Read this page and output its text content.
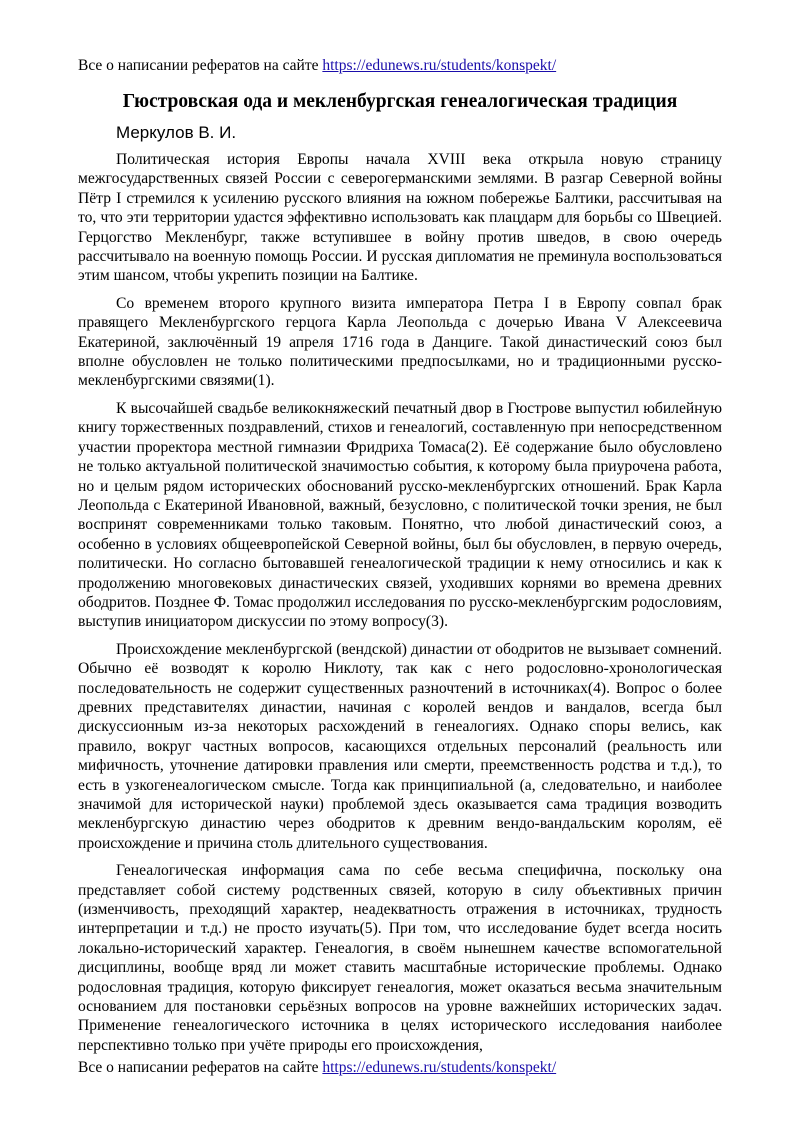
Все о написании рефератов на сайте https://edunews.ru/students/konspekt/
Гюстровская ода и мекленбургская генеалогическая традиция
Меркулов В. И.

Политическая история Европы начала XVIII века открыла новую страницу межгосударственных связей России с северогерманскими землями. В разгар Северной войны Пётр I стремился к усилению русского влияния на южном побережье Балтики, рассчитывая на то, что эти территории удастся эффективно использовать как плацдарм для борьбы со Швецией. Герцогство Мекленбург, также вступившее в войну против шведов, в свою очередь рассчитывало на военную помощь России. И русская дипломатия не преминула воспользоваться этим шансом, чтобы укрепить позиции на Балтике.

Со временем второго крупного визита императора Петра I в Европу совпал брак правящего Мекленбургского герцога Карла Леопольда с дочерью Ивана V Алексеевича Екатериной, заключённый 19 апреля 1716 года в Данциге. Такой династический союз был вполне обусловлен не только политическими предпосылками, но и традиционными русско-мекленбургскими связями(1).

К высочайшей свадьбе великокняжеский печатный двор в Гюстрове выпустил юбилейную книгу торжественных поздравлений, стихов и генеалогий, составленную при непосредственном участии проректора местной гимназии Фридриха Томаса(2). Её содержание было обусловлено не только актуальной политической значимостью события, к которому была приурочена работа, но и целым рядом исторических обоснований русско-мекленбургских отношений. Брак Карла Леопольда с Екатериной Ивановной, важный, безусловно, с политической точки зрения, не был воспринят современниками только таковым. Понятно, что любой династический союз, а особенно в условиях общеевропейской Северной войны, был бы обусловлен, в первую очередь, политически. Но согласно бытовавшей генеалогической традиции к нему относились и как к продолжению многовековых династических связей, уходивших корнями во времена древних ободритов. Позднее Ф. Томас продолжил исследования по русско-мекленбургским родословиям, выступив инициатором дискуссии по этому вопросу(3).

Происхождение мекленбургской (вендской) династии от ободритов не вызывает сомнений. Обычно её возводят к королю Никлоту, так как с него родословно-хронологическая последовательность не содержит существенных разночтений в источниках(4). Вопрос о более древних представителях династии, начиная с королей вендов и вандалов, всегда был дискуссионным из-за некоторых расхождений в генеалогиях. Однако споры велись, как правило, вокруг частных вопросов, касающихся отдельных персоналий (реальность или мифичность, уточнение датировки правления или смерти, преемственность родства и т.д.), то есть в узкогенеалогическом смысле. Тогда как принципиальной (а, следовательно, и наиболее значимой для исторической науки) проблемой здесь оказывается сама традиция возводить мекленбургскую династию через ободритов к древним вендо-вандальским королям, её происхождение и причина столь длительного существования.

Генеалогическая информация сама по себе весьма специфична, поскольку она представляет собой систему родственных связей, которую в силу объективных причин (изменчивость, преходящий характер, неадекватность отражения в источниках, трудность интерпретации и т.д.) не просто изучать(5). При том, что исследование будет всегда носить локально-исторический характер. Генеалогия, в своём нынешнем качестве вспомогательной дисциплины, вообще вряд ли может ставить масштабные исторические проблемы. Однако родословная традиция, которую фиксирует генеалогия, может оказаться весьма значительным основанием для постановки серьёзных вопросов на уровне важнейших исторических задач. Применение генеалогического источника в целях исторического исследования наиболее перспективно только при учёте природы его происхождения,

Все о написании рефератов на сайте https://edunews.ru/students/konspekt/
